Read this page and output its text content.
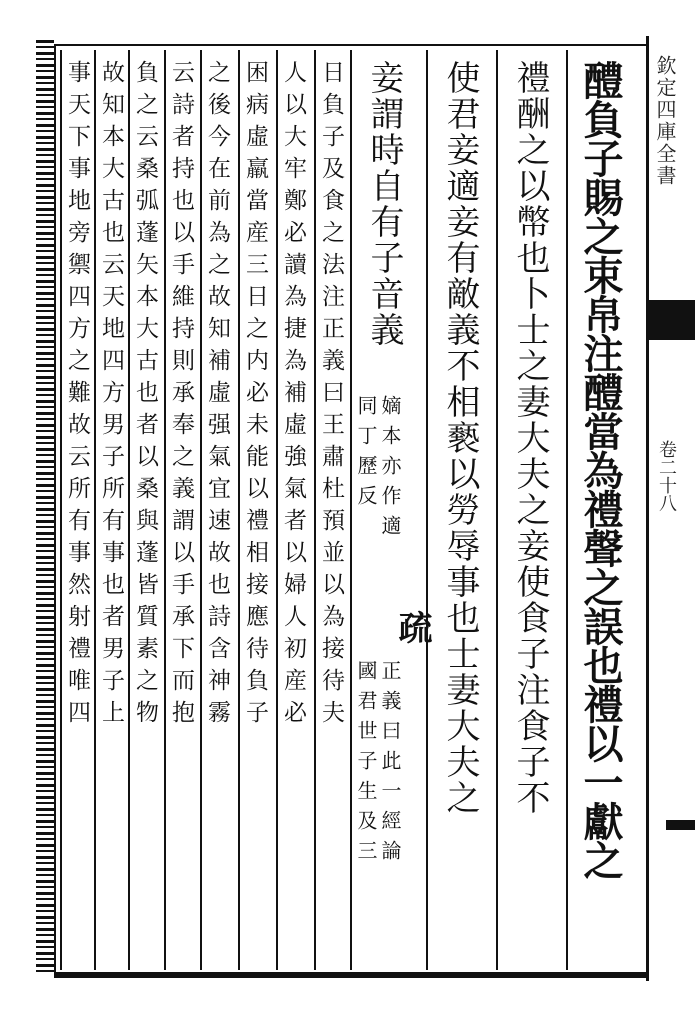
欽定四庫全書
卷二十八
醴負子賜之束帛注醴當為禮聲之誤也禮以一獻之
禮酬之以幣也卜士之妻大夫之妾使食子注食子不
使君妾適妾有敵義不相褻以勞辱事也士妻大夫之
妾謂時自有子音義
嫡本亦作適
同丁歷反
疏
正義曰此一經論
國君世子生及三
日負子及食之法注正義曰王肅杜預並以為接待夫
人以大牢鄭必讀為捷為補虛強氣者以婦人初産必
困病虛羸當産三日之内必未能以禮相接應待負子
之後今在前為之故知補虛强氣宜速故也詩含神霧
云詩者持也以手維持則承奉之義謂以手承下而抱
負之云桑弧蓬矢本大古也者以桑與蓬皆質素之物
故知本大古也云天地四方男子所有事也者男子上
事天下事地旁禦四方之難故云所有事然射禮唯四
